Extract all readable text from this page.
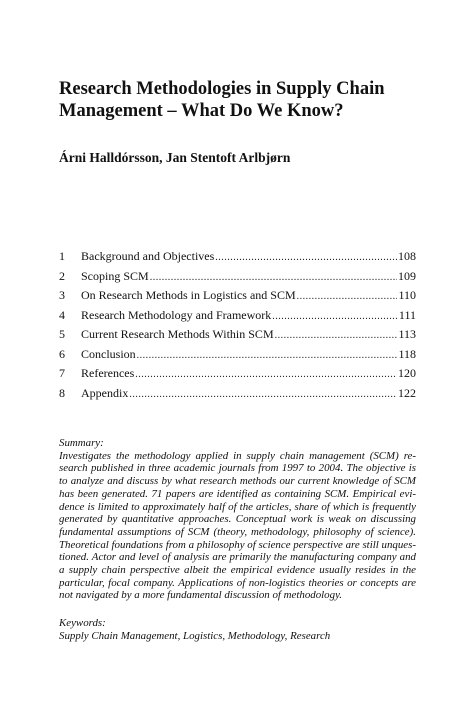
Research Methodologies in Supply Chain
Management – What Do We Know?

Árni Halldórsson, Jan Stentoft Arlbjørn

1	Background and Objectives .....	108
2	Scoping SCM .....	109
3	On Research Methods in Logistics and SCM .....	110
4	Research Methodology and Framework .....	111
5	Current Research Methods Within SCM .....	113
6	Conclusion .....	118
7	References .....	120
8	Appendix .....	122
Summary:
Investigates the methodology applied in supply chain management (SCM) re-
search published in three academic journals from 1997 to 2004. The objective is
to analyze and discuss by what research methods our current knowledge of SCM
has been generated. 71 papers are identified as containing SCM. Empirical evi-
dence is limited to approximately half of the articles, share of which is frequently
generated by quantitative approaches. Conceptual work is weak on discussing
fundamental assumptions of SCM (theory, methodology, philosophy of science).
Theoretical foundations from a philosophy of science perspective are still unques-
tioned. Actor and level of analysis are primarily the manufacturing company and
a supply chain perspective albeit the empirical evidence usually resides in the
particular, focal company. Applications of non-logistics theories or concepts are
not navigated by a more fundamental discussion of methodology.
Keywords:
Supply Chain Management, Logistics, Methodology, Research
